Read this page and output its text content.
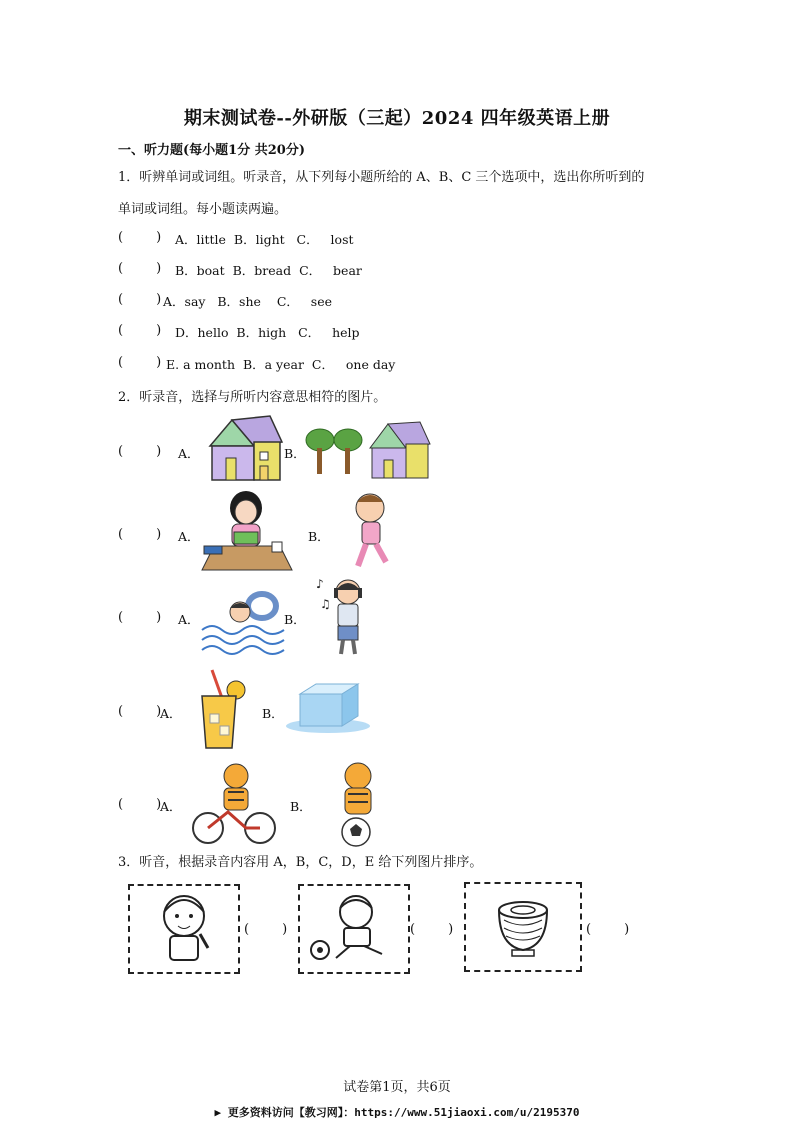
期末测试卷--外研版（三起）2024 四年级英语上册
一、听力题(每小题1分 共20分)
1．听辨单词或词组。听录音，从下列每小题所给的 A、B、C 三个选项中，选出你所听到的
单词或词组。每小题读两遍。
(        ) A．little  B．light   C．   lost
(        ) B．boat  B．bread  C．   bear
(        ) A．say   B．she    C．   see
(        ) D．hello  B．high   C．   help
(        ) E. a month  B．a year  C．   one day
2．听录音，选择与所听内容意思相符的图片。
(        ) A．	B．
(        ) A．	B．
(        ) A．	B．
♪
♫
(        )
A．	B．
(        )
A．	B．
3．听音，根据录音内容用 A，B，C，D，E 给下列图片排序。
(        )	(        )	(        )
试卷第1页，共6页
▶ 更多资料访问【教习网】：https://www.51jiaoxi.com/u/2195370
